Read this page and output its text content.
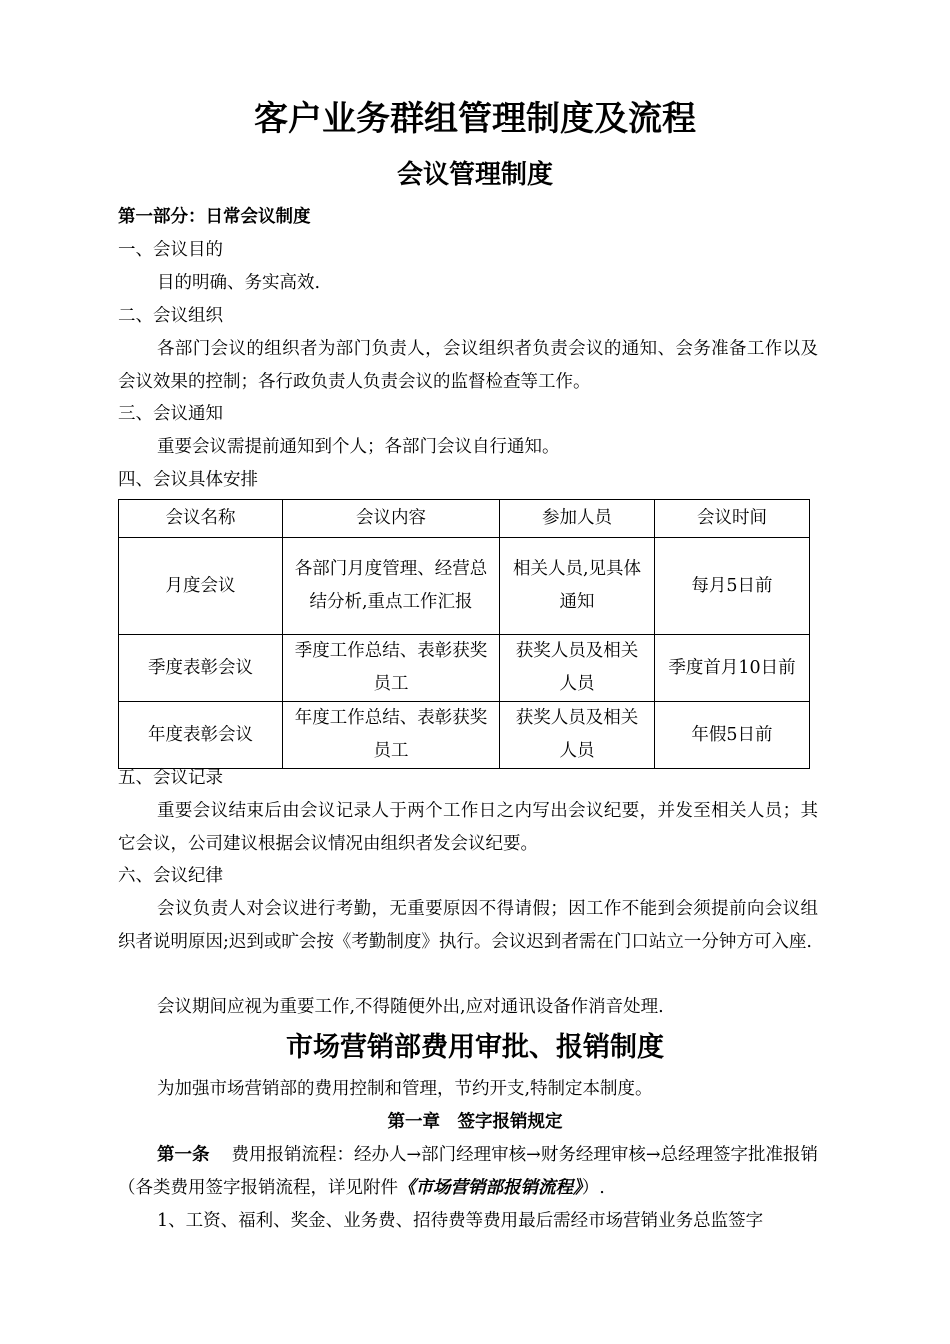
客户业务群组管理制度及流程
会议管理制度
第一部分：日常会议制度
一、会议目的
目的明确、务实高效.
二、会议组织
各部门会议的组织者为部门负责人，会议组织者负责会议的通知、会务准备工作以及会议效果的控制；各行政负责人负责会议的监督检查等工作。
三、会议通知
重要会议需提前通知到个人；各部门会议自行通知。
四、会议具体安排
会议名称	会议内容	参加人员	会议时间
月度会议	各部门月度管理、经营总结分析,重点工作汇报	相关人员,见具体通知	每月5日前
季度表彰会议	季度工作总结、表彰获奖员工	获奖人员及相关人员	季度首月10日前
年度表彰会议	年度工作总结、表彰获奖员工	获奖人员及相关人员	年假5日前
五、会议记录
重要会议结束后由会议记录人于两个工作日之内写出会议纪要，并发至相关人员；其它会议，公司建议根据会议情况由组织者发会议纪要。
六、会议纪律
会议负责人对会议进行考勤，无重要原因不得请假；因工作不能到会须提前向会议组织者说明原因;迟到或旷会按《考勤制度》执行。会议迟到者需在门口站立一分钟方可入座.
会议期间应视为重要工作,不得随便外出,应对通讯设备作消音处理.
市场营销部费用审批、报销制度
为加强市场营销部的费用控制和管理，节约开支,特制定本制度。
第一章　签字报销规定
第一条 费用报销流程：经办人→部门经理审核→财务经理审核→总经理签字批准报销（各类费用签字报销流程，详见附件《市场营销部报销流程》）.
1、工资、福利、奖金、业务费、招待费等费用最后需经市场营销业务总监签字
